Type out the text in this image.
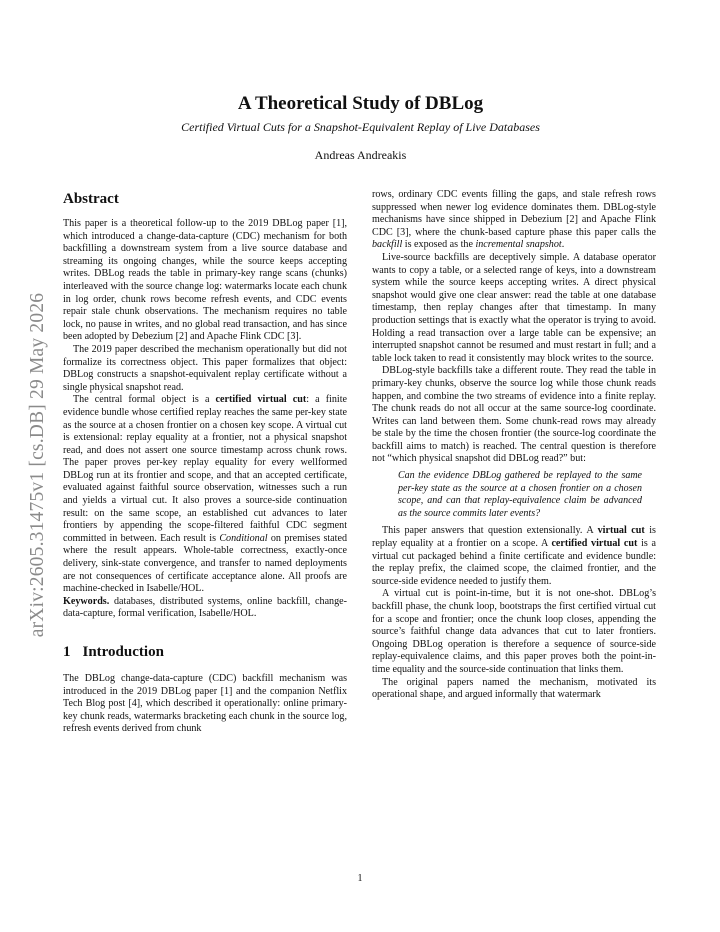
arXiv:2605.31475v1 [cs.DB] 29 May 2026
A Theoretical Study of DBLog
Certified Virtual Cuts for a Snapshot-Equivalent Replay of Live Databases
Andreas Andreakis
Abstract

This paper is a theoretical follow-up to the 2019 DBLog paper [1], which introduced a change-data-capture (CDC) mechanism for both backfilling a downstream system from a live source database and streaming its ongoing changes, while the source keeps accepting writes. DBLog reads the table in primary-key range scans (chunks) interleaved with the source change log: watermarks locate each chunk in log order, chunk rows become refresh events, and CDC events repair stale chunk observations. The mechanism requires no table lock, no pause in writes, and no global read transaction, and has since been adopted by Debezium [2] and Apache Flink CDC [3].

The 2019 paper described the mechanism operationally but did not formalize its correctness object. This paper formalizes that object: DBLog constructs a snapshot-equivalent replay certificate without a single physical snapshot read.

The central formal object is a certified virtual cut: a finite evidence bundle whose certified replay reaches the same per-key state as the source at a chosen frontier on a chosen key scope. A virtual cut is extensional: replay equality at a frontier, not a physical snapshot read, and does not assert one source timestamp across chunk rows. The paper proves per-key replay equality for every wellformed DBLog run at its frontier and scope, and that an accepted certificate, evaluated against faithful source observation, witnesses such a run and yields a virtual cut. It also proves a source-side continuation result: on the same scope, an established cut advances to later frontiers by appending the scope-filtered faithful CDC segment committed in between. Each result is Conditional on premises stated where the result appears. Whole-table correctness, exactly-once delivery, sink-state convergence, and transfer to named deployments are not consequences of certificate acceptance alone. All proofs are machine-checked in Isabelle/HOL.

Keywords. databases, distributed systems, online backfill, change-data-capture, formal verification, Isabelle/HOL.

1 Introduction

The DBLog change-data-capture (CDC) backfill mechanism was introduced in the 2019 DBLog paper [1] and the companion Netflix Tech Blog post [4], which described it operationally: online primary-key chunk reads, watermarks bracketing each chunk in the source log, refresh events derived from chunk

rows, ordinary CDC events filling the gaps, and stale refresh rows suppressed when newer log evidence dominates them. DBLog-style mechanisms have since shipped in Debezium [2] and Apache Flink CDC [3], where the chunk-based capture phase this paper calls the backfill is exposed as the incremental snapshot.

Live-source backfills are deceptively simple. A database operator wants to copy a table, or a selected range of keys, into a downstream system while the source keeps accepting writes. A direct physical snapshot would give one clear answer: read the table at one database timestamp, then replay changes after that timestamp. In many production settings that is exactly what the operator is trying to avoid. Holding a read transaction over a large table can be expensive; an interrupted snapshot cannot be resumed and must restart in full; and a table lock taken to read it consistently may block writes to the source.

DBLog-style backfills take a different route. They read the table in primary-key chunks, observe the source log while those chunk reads happen, and combine the two streams of evidence into a finite replay. The chunk reads do not all occur at the same source-log coordinate. Writes can land between them. Some chunk-read rows may already be stale by the time the chosen frontier (the source-log coordinate the backfill aims to match) is reached. The central question is therefore not “which physical snapshot did DBLog read?” but:

Can the evidence DBLog gathered be replayed to the same per-key state as the source at a chosen frontier on a chosen scope, and can that replay-equivalence claim be advanced as the source commits later events?

This paper answers that question extensionally. A virtual cut is replay equality at a frontier on a scope. A certified virtual cut is a virtual cut packaged behind a finite certificate and evidence bundle: the replay prefix, the claimed scope, the claimed frontier, and the source-side evidence needed to justify them.

A virtual cut is point-in-time, but it is not one-shot. DBLog’s backfill phase, the chunk loop, bootstraps the first certified virtual cut for a scope and frontier; once the chunk loop closes, appending the source’s faithful change data advances that cut to later frontiers. Ongoing DBLog operation is therefore a sequence of source-side replay-equivalence claims, and this paper proves both the point-in-time equality and the source-side continuation that links them.

The original papers named the mechanism, motivated its operational shape, and argued informally that watermark

1
